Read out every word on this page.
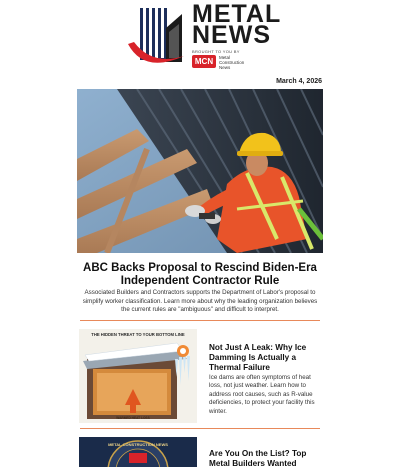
METAL
NEWS
BROUGHT TO YOU BY
MCN	Metal
Construction
News
March 4, 2026
ABC Backs Proposal to Rescind Biden-Era Independent Contractor Rule
Associated Builders and Contractors supports the Department of Labor's proposal to simplify worker classification. Learn more about why the leading organization believes the current rules are "ambiguous" and difficult to interpret.
THE HIDDEN THREAT TO YOUR BOTTOM LINE
WARMED HEAT LOSS
Not Just A Leak: Why Ice Damming Is Actually a Thermal Failure
Ice dams are often symptoms of heat loss, not just weather. Learn how to address root causes, such as R-value deficiencies, to protect your facility this winter.
METAL CONSTRUCTION NEWS
Are You On the List? Top Metal Builders Wanted
